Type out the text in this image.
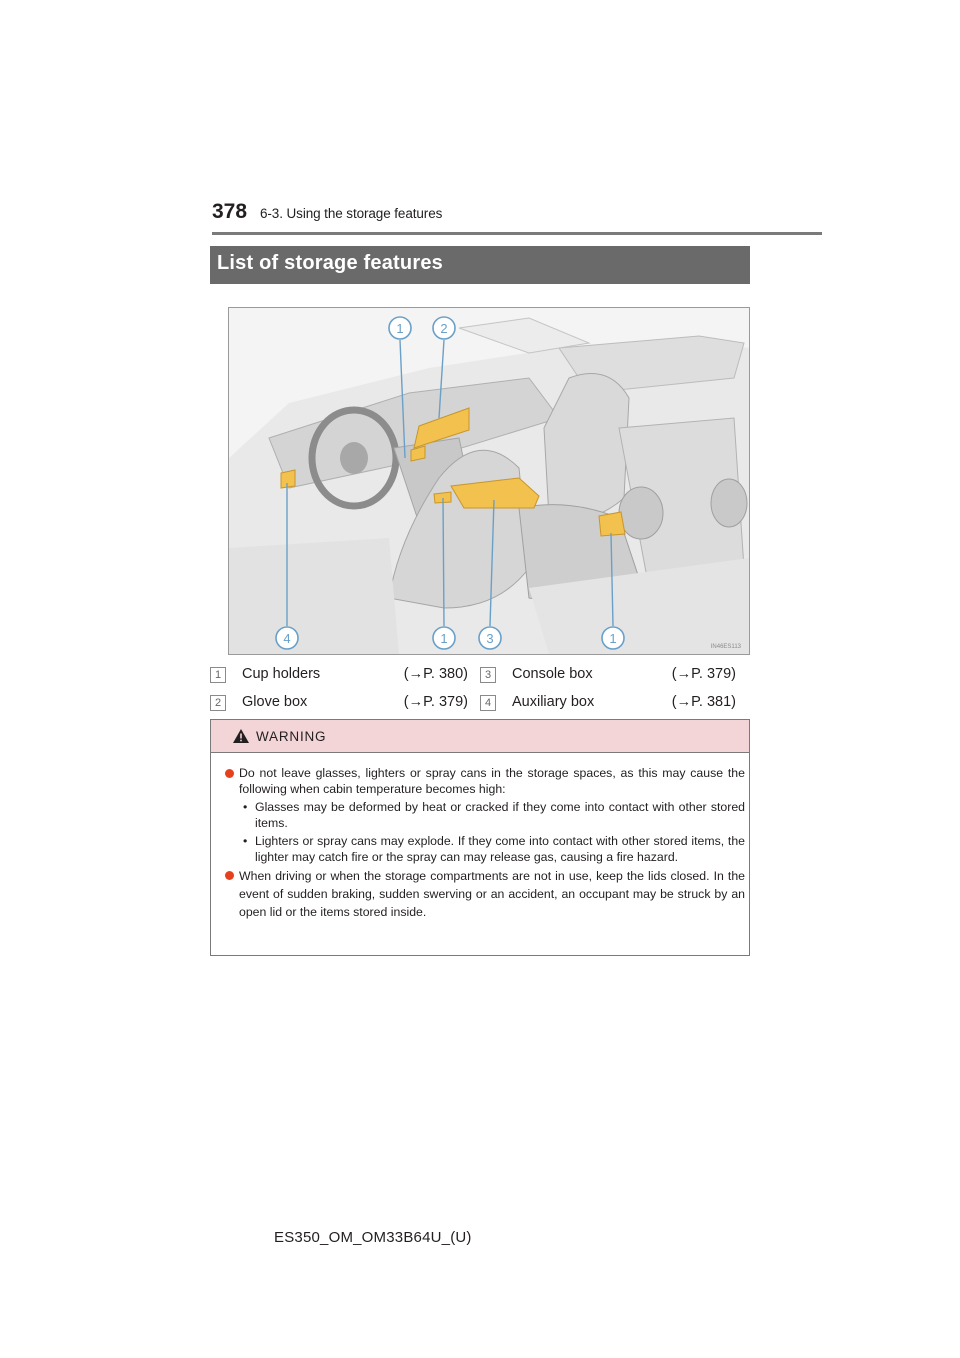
378 6-3. Using the storage features
List of storage features
1	2
4	1	3	1
IN46ES113
1	Cup holders	(→P. 380)	3	Console box	(→P. 379)
2	Glove box	(→P. 379)	4	Auxiliary box	(→P. 381)
WARNING
Do not leave glasses, lighters or spray cans in the storage spaces, as this may cause the following when cabin temperature becomes high:
• Glasses may be deformed by heat or cracked if they come into contact with other stored items.
• Lighters or spray cans may explode. If they come into contact with other stored items, the lighter may catch fire or the spray can may release gas, causing a fire hazard.
When driving or when the storage compartments are not in use, keep the lids closed. In the event of sudden braking, sudden swerving or an accident, an occupant may be struck by an open lid or the items stored inside.
ES350_OM_OM33B64U_(U)
